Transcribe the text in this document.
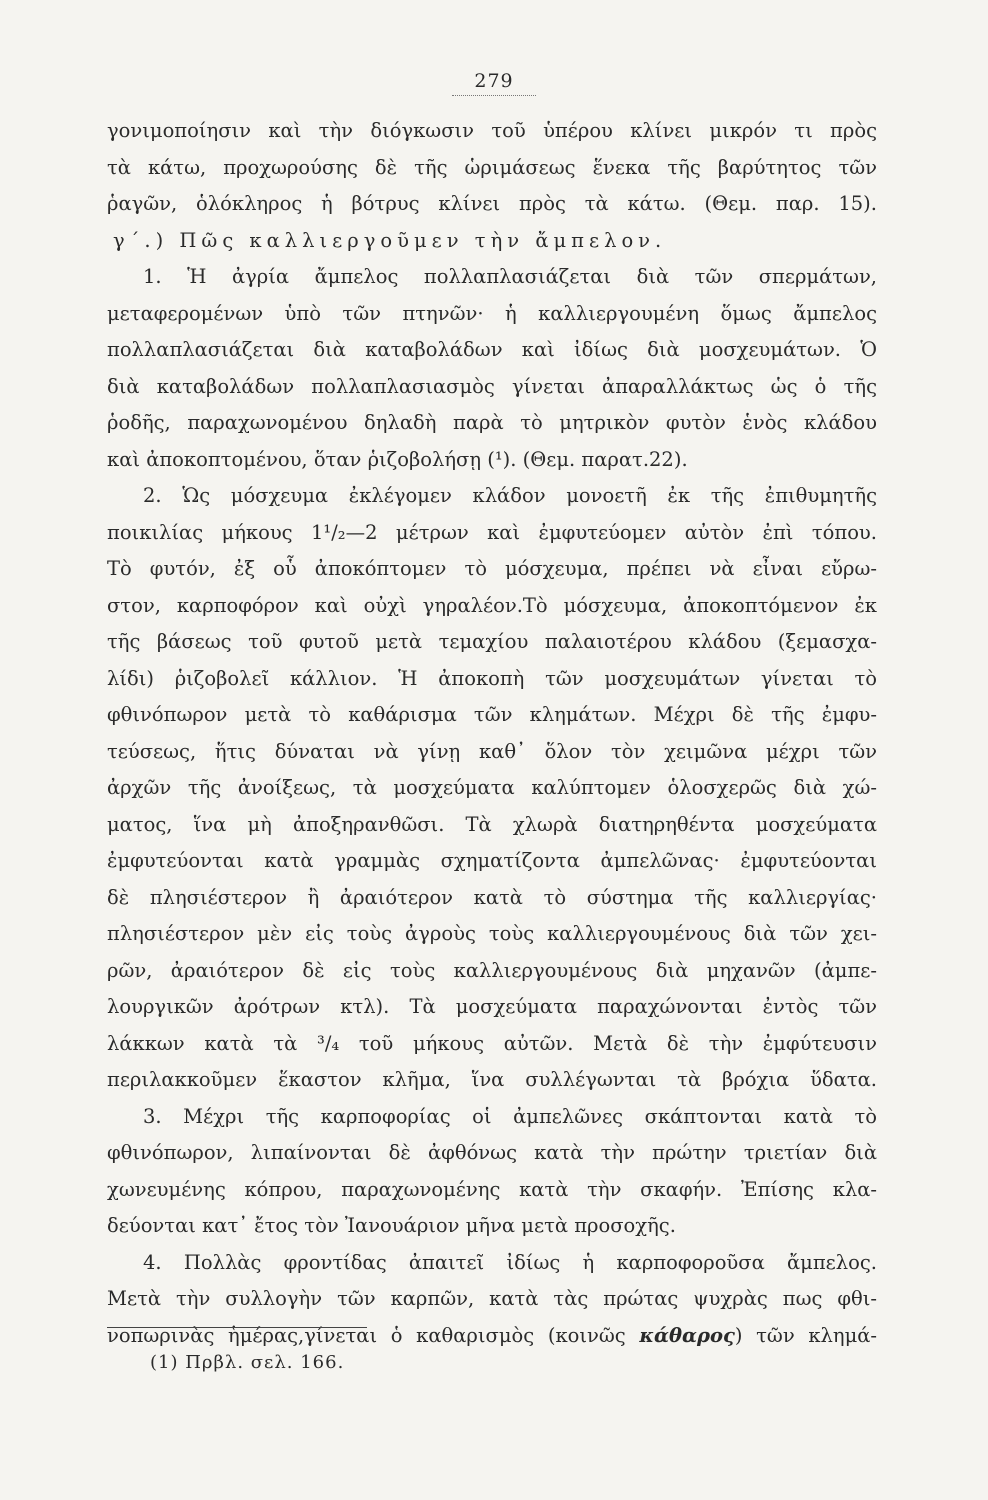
279
γονιμοποίησιν καὶ τὴν διόγκωσιν τοῦ ὑπέρου κλίνει μικρόν τι πρὸς
τὰ κάτω, προχωρούσης δὲ τῆς ὡριμάσεως ἕνεκα τῆς βαρύτητος τῶν
ῥαγῶν, ὁλόκληρος ἡ βότρυς κλίνει πρὸς τὰ κάτω. (Θεμ. παρ. 15).
γ΄.) Πῶς καλλιεργοῦμεν τὴν ἄμπελον.
1. Ἡ ἀγρία ἄμπελος πολλαπλασιάζεται διὰ τῶν σπερμάτων,
μεταφερομένων ὑπὸ τῶν πτηνῶν· ἡ καλλιεργουμένη ὅμως ἄμπελος
πολλαπλασιάζεται διὰ καταβολάδων καὶ ἰδίως διὰ μοσχευμάτων. Ὁ
διὰ καταβολάδων πολλαπλασιασμὸς γίνεται ἀπαραλλάκτως ὡς ὁ τῆς
ῥοδῆς, παραχωνομένου δηλαδὴ παρὰ τὸ μητρικὸν φυτὸν ἑνὸς κλάδου
καὶ ἀποκοπτομένου, ὅταν ῥιζοβολήσῃ (¹). (Θεμ. παρατ.22).
2. Ὡς μόσχευμα ἐκλέγομεν κλάδον μονοετῆ ἐκ τῆς ἐπιθυμητῆς
ποικιλίας μήκους 1¹/₂—2 μέτρων καὶ ἐμφυτεύομεν αὐτὸν ἐπὶ τόπου.
Τὸ φυτόν, ἐξ οὗ ἀποκόπτομεν τὸ μόσχευμα, πρέπει νὰ εἶναι εὔρω-
στον, καρποφόρον καὶ οὐχὶ γηραλέον.Τὸ μόσχευμα, ἀποκοπτόμενον ἐκ
τῆς βάσεως τοῦ φυτοῦ μετὰ τεμαχίου παλαιοτέρου κλάδου (ξεμασχα-
λίδι) ῥιζοβολεῖ κάλλιον. Ἡ ἀποκοπὴ τῶν μοσχευμάτων γίνεται τὸ
φθινόπωρον μετὰ τὸ καθάρισμα τῶν κλημάτων. Μέχρι δὲ τῆς ἐμφυ-
τεύσεως, ἥτις δύναται νὰ γίνῃ καθ᾽ ὅλον τὸν χειμῶνα μέχρι τῶν
ἀρχῶν τῆς ἀνοίξεως, τὰ μοσχεύματα καλύπτομεν ὁλοσχερῶς διὰ χώ-
ματος, ἵνα μὴ ἀποξηρανθῶσι. Τὰ χλωρὰ διατηρηθέντα μοσχεύματα
ἐμφυτεύονται κατὰ γραμμὰς σχηματίζοντα ἀμπελῶνας· ἐμφυτεύονται
δὲ πλησιέστερον ἢ ἀραιότερον κατὰ τὸ σύστημα τῆς καλλιεργίας·
πλησιέστερον μὲν εἰς τοὺς ἀγροὺς τοὺς καλλιεργουμένους διὰ τῶν χει-
ρῶν, ἀραιότερον δὲ εἰς τοὺς καλλιεργουμένους διὰ μηχανῶν (ἀμπε-
λουργικῶν ἀρότρων κτλ). Τὰ μοσχεύματα παραχώνονται ἐντὸς τῶν
λάκκων κατὰ τὰ ³/₄ τοῦ μήκους αὐτῶν. Μετὰ δὲ τὴν ἐμφύτευσιν
περιλακκοῦμεν ἕκαστον κλῆμα, ἵνα συλλέγωνται τὰ βρόχια ὕδατα.
3. Μέχρι τῆς καρποφορίας οἱ ἀμπελῶνες σκάπτονται κατὰ τὸ
φθινόπωρον, λιπαίνονται δὲ ἀφθόνως κατὰ τὴν πρώτην τριετίαν διὰ
χωνευμένης κόπρου, παραχωνομένης κατὰ τὴν σκαφήν. Ἐπίσης κλα-
δεύονται κατ᾽ ἔτος τὸν Ἰανουάριον μῆνα μετὰ προσοχῆς.
4. Πολλὰς φροντίδας ἀπαιτεῖ ἰδίως ἡ καρποφοροῦσα ἄμπελος.
Μετὰ τὴν συλλογὴν τῶν καρπῶν, κατὰ τὰς πρώτας ψυχρὰς πως φθι-
νοπωρινὰς ἡμέρας,γίνεται ὁ καθαρισμὸς (κοινῶς κάθαρος) τῶν κλημά-
(1) Πρβλ. σελ. 166.
